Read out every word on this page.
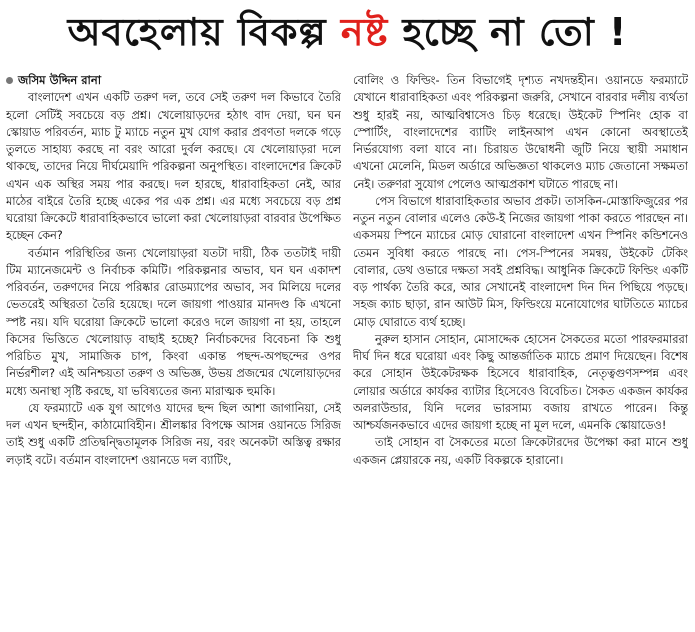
অবহেলায় বিকল্প নষ্ট হচ্ছে না তো !
জসিম উদ্দিন রানা

বাংলাদেশ এখন একটি তরুণ দল, তবে সেই তরুণ দল কিভাবে তৈরি হলো সেটিই সবচেয়ে বড় প্রশ্ন। খেলোয়াড়দের হঠাৎ বাদ দেয়া, ঘন ঘন স্কোয়াড পরিবর্তন, ম্যাচ টু ম্যাচে নতুন মুখ যোগ করার প্রবণতা দলকে গড়ে তুলতে সাহায্য করছে না বরং আরো দুর্বল করছে। যে খেলোয়াড়রা দলে থাকছে, তাদের নিয়ে দীর্ঘমেয়াদি পরিকল্পনা অনুপস্থিত। বাংলাদেশের ক্রিকেট এখন এক অস্থির সময় পার করছে। দল হারছে, ধারাবাহিকতা নেই, আর মাঠের বাইরে তৈরি হচ্ছে একের পর এক প্রশ্ন। এর মধ্যে সবচেয়ে বড় প্রশ্ন ঘরোয়া ক্রিকেটে ধারাবাহিকভাবে ভালো করা খেলোয়াড়রা বারবার উপেক্ষিত হচ্ছেন কেন?

বর্তমান পরিস্থিতির জন্য খেলোয়াড়রা যতটা দায়ী, ঠিক ততটাই দায়ী টিম ম্যানেজমেন্ট ও নির্বাচক কমিটি। পরিকল্পনার অভাব, ঘন ঘন একাদশ পরিবর্তন, তরুণদের নিয়ে পরিষ্কার রোডম্যাপের অভাব, সব মিলিয়ে দলের ভেতরেই অস্থিরতা তৈরি হয়েছে। দলে জায়গা পাওয়ার মানদণ্ড কি এখনো স্পষ্ট নয়। যদি ঘরোয়া ক্রিকেটে ভালো করেও দলে জায়গা না হয়, তাহলে কিসের ভিত্তিতে খেলোয়াড় বাছাই হচ্ছে? নির্বাচকদের বিবেচনা কি শুধু পরিচিত মুখ, সামাজিক চাপ, কিংবা একান্ত পছন্দ-অপছন্দের ওপর নির্ভরশীল? এই অনিশ্চয়তা তরুণ ও অভিজ্ঞ, উভয় প্রজন্মের খেলোয়াড়দের মধ্যে অনাস্থা সৃষ্টি করছে, যা ভবিষ্যতের জন্য মারাত্মক হুমকি।

যে ফরম্যাটে এক যুগ আগেও যাদের ছন্দ ছিল আশা জাগানিয়া, সেই দল এখন ছন্দহীন, কাঠামোবিহীন। শ্রীলঙ্কার বিপক্ষে আসন্ন ওয়ানডে সিরিজ তাই শুধু একটি প্রতিদ্বন্দ্বিতামূলক সিরিজ নয়, বরং অনেকটা অস্তিত্ব রক্ষার লড়াই বটে। বর্তমান বাংলাদেশ ওয়ানডে দল ব্যাটিং,

বোলিং ও ফিল্ডিং- তিন বিভাগেই দৃশ্যত নখদন্তহীন। ওয়ানডে ফরম্যাটে যেখানে ধারাবাহিকতা এবং পরিকল্পনা জরুরি, সেখানে বারবার দলীয় ব্যর্থতা শুধু হারই নয়, আত্মবিশ্বাসেও চিড় ধরেছে। উইকেট স্পিনিং হোক বা স্পোর্টিং, বাংলাদেশের ব্যাটিং লাইনআপ এখন কোনো অবস্থাতেই নির্ভরযোগ্য বলা যাবে না। চিরায়ত উদ্বোধনী জুটি নিয়ে স্থায়ী সমাধান এখনো মেলেনি, মিডল অর্ডারে অভিজ্ঞতা থাকলেও ম্যাচ জেতানো সক্ষমতা নেই। তরুণরা সুযোগ পেলেও আত্মপ্রকাশ ঘটাতে পারছে না।

পেস বিভাগে ধারাবাহিকতার অভাব প্রকট। তাসকিন-মোস্তাফিজুরের পর নতুন নতুন বোলার এলেও কেউ-ই নিজের জায়গা পাকা করতে পারছেন না। একসময় স্পিনে ম্যাচের মোড় ঘোরানো বাংলাদেশ এখন স্পিনিং কন্ডিশনেও তেমন সুবিধা করতে পারছে না। পেস-স্পিনের সমন্বয়, উইকেট টেকিং বোলার, ডেথ ওভারে দক্ষতা সবই প্রশ্নবিদ্ধ। আধুনিক ক্রিকেটে ফিল্ডিং একটি বড় পার্থক্য তৈরি করে, আর সেখানেই বাংলাদেশ দিন দিন পিছিয়ে পড়ছে। সহজ ক্যাচ ছাড়া, রান আউট মিস, ফিল্ডিংয়ে মনোযোগের ঘাটতিতে ম্যাচের মোড় ঘোরাতে ব্যর্থ হচ্ছে।

নুরুল হাসান সোহান, মোসাদ্দেক হোসেন সৈকতের মতো পারফরমাররা দীর্ঘ দিন ধরে ঘরোয়া এবং কিছু আন্তর্জাতিক ম্যাচে প্রমাণ দিয়েছেন। বিশেষ করে সোহান উইকেটরক্ষক হিসেবে ধারাবাহিক, নেতৃত্বগুণসম্পন্ন এবং লোয়ার অর্ডারে কার্যকর ব্যাটার হিসেবেও বিবেচিত। সৈকত একজন কার্যকর অলরাউন্ডার, যিনি দলের ভারসাম্য বজায় রাখতে পারেন। কিন্তু আশ্চর্যজনকভাবে এদের জায়গা হচ্ছে না মূল দলে, এমনকি স্কোয়াডেও!

তাই সোহান বা সৈকতের মতো ক্রিকেটারদের উপেক্ষা করা মানে শুধু একজন প্লেয়ারকে নয়, একটি বিকল্পকে হারানো।
